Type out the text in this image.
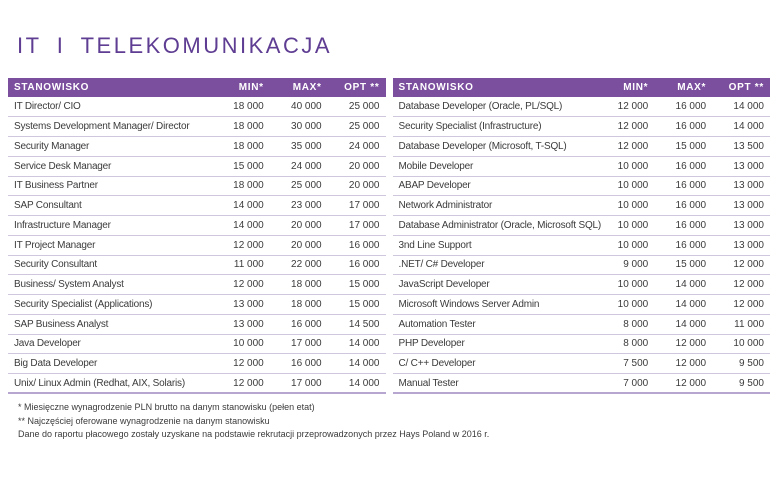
IT I TELEKOMUNIKACJA
STANOWISKO	MIN*	MAX*	OPT **
IT Director/ CIO	18 000	40 000	25 000
Systems Development Manager/ Director	18 000	30 000	25 000
Security Manager	18 000	35 000	24 000
Service Desk Manager	15 000	24 000	20 000
IT Business Partner	18 000	25 000	20 000
SAP Consultant	14 000	23 000	17 000
Infrastructure Manager	14 000	20 000	17 000
IT Project Manager	12 000	20 000	16 000
Security Consultant	11 000	22 000	16 000
Business/ System Analyst	12 000	18 000	15 000
Security Specialist (Applications)	13 000	18 000	15 000
SAP Business Analyst	13 000	16 000	14 500
Java Developer	10 000	17 000	14 000
Big Data Developer	12 000	16 000	14 000
Unix/ Linux Admin (Redhat, AIX, Solaris)	12 000	17 000	14 000
STANOWISKO	MIN*	MAX*	OPT **
Database Developer (Oracle, PL/SQL)	12 000	16 000	14 000
Security Specialist (Infrastructure)	12 000	16 000	14 000
Database Developer (Microsoft, T-SQL)	12 000	15 000	13 500
Mobile Developer	10 000	16 000	13 000
ABAP Developer	10 000	16 000	13 000
Network Administrator	10 000	16 000	13 000
Database Administrator (Oracle, Microsoft SQL)	10 000	16 000	13 000
3nd Line Support	10 000	16 000	13 000
.NET/ C# Developer	9 000	15 000	12 000
JavaScript Developer	10 000	14 000	12 000
Microsoft Windows Server Admin	10 000	14 000	12 000
Automation Tester	8 000	14 000	11 000
PHP Developer	8 000	12 000	10 000
C/ C++ Developer	7 500	12 000	9 500
Manual Tester	7 000	12 000	9 500
* Miesięczne wynagrodzenie PLN brutto na danym stanowisku (pełen etat)
** Najczęściej oferowane wynagrodzenie na danym stanowisku
Dane do raportu płacowego zostały uzyskane na podstawie rekrutacji przeprowadzonych przez Hays Poland w 2016 r.
